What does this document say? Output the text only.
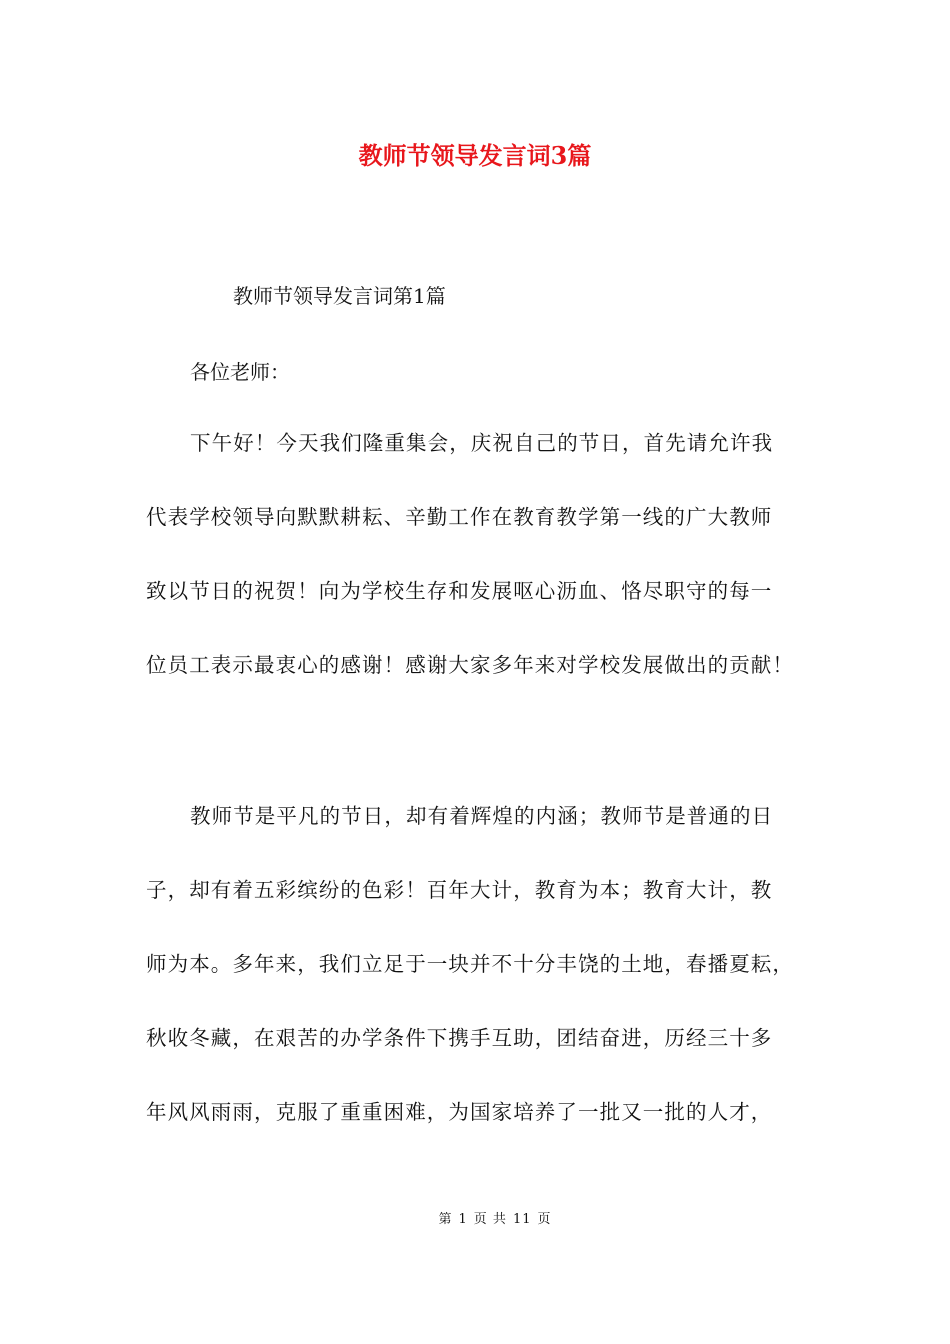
教师节领导发言词3篇
教师节领导发言词第1篇
各位老师：
下午好！今天我们隆重集会，庆祝自己的节日，首先请允许我
代表学校领导向默默耕耘、辛勤工作在教育教学第一线的广大教师
致以节日的祝贺！向为学校生存和发展呕心沥血、恪尽职守的每一
位员工表示最衷心的感谢！感谢大家多年来对学校发展做出的贡献！
教师节是平凡的节日，却有着辉煌的内涵；教师节是普通的日
子，却有着五彩缤纷的色彩！百年大计，教育为本；教育大计，教
师为本。多年来，我们立足于一块并不十分丰饶的土地，春播夏耘，
秋收冬藏，在艰苦的办学条件下携手互助，团结奋进，历经三十多
年风风雨雨，克服了重重困难，为国家培养了一批又一批的人才，
第 1 页 共 11 页
